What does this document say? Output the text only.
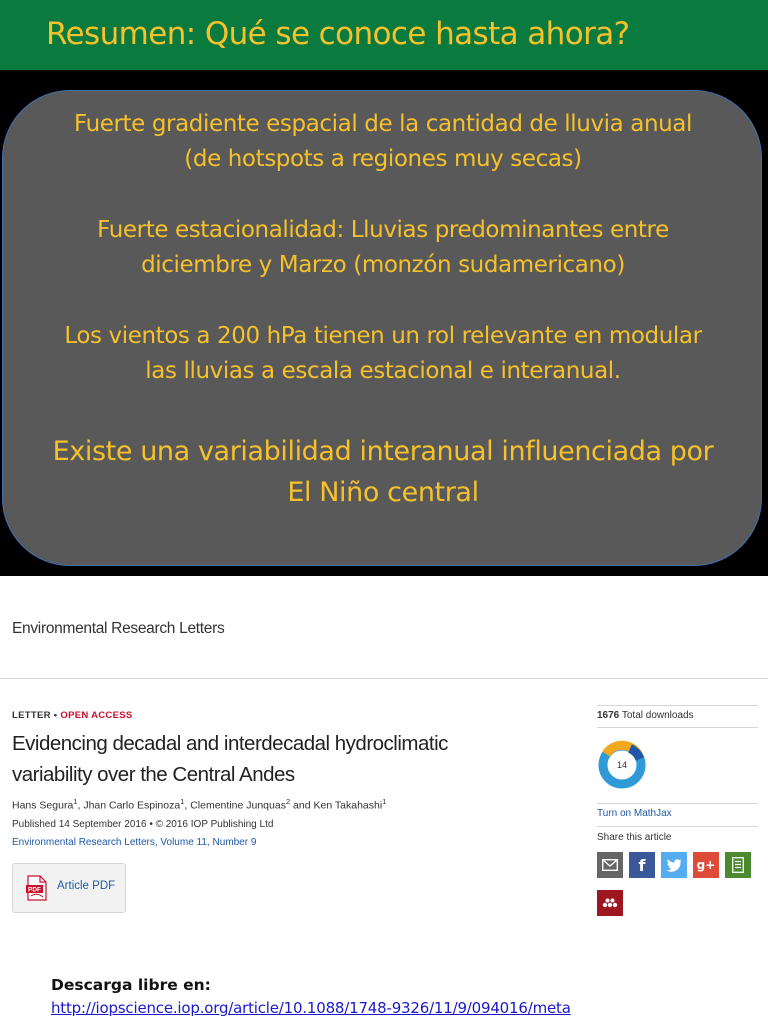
Resumen: Qué se conoce hasta ahora?
Fuerte gradiente espacial de la cantidad de lluvia anual
(de hotspots a regiones muy secas)
Fuerte estacionalidad: Lluvias predominantes entre
diciembre y Marzo (monzón sudamericano)
Los vientos a 200 hPa tienen un rol relevante en modular
las lluvias a escala estacional e interanual.
Existe una variabilidad interanual influenciada por
El Niño central
Environmental Research Letters
LETTER • OPEN ACCESS
Evidencing decadal and interdecadal hydroclimatic
variability over the Central Andes
Hans Segura$^1$, Jhan Carlo Espinoza$^1$, Clementine Junquas$^2$ and Ken Takahashi$^1$
Published 14 September 2016 • © 2016 IOP Publishing Ltd
Environmental Research Letters, Volume 11, Number 9
PDF Article PDF
1676 Total downloads
14
Turn on MathJax
Share this article
f	g+
Descarga libre en:
http://iopscience.iop.org/article/10.1088/1748-9326/11/9/094016/meta
